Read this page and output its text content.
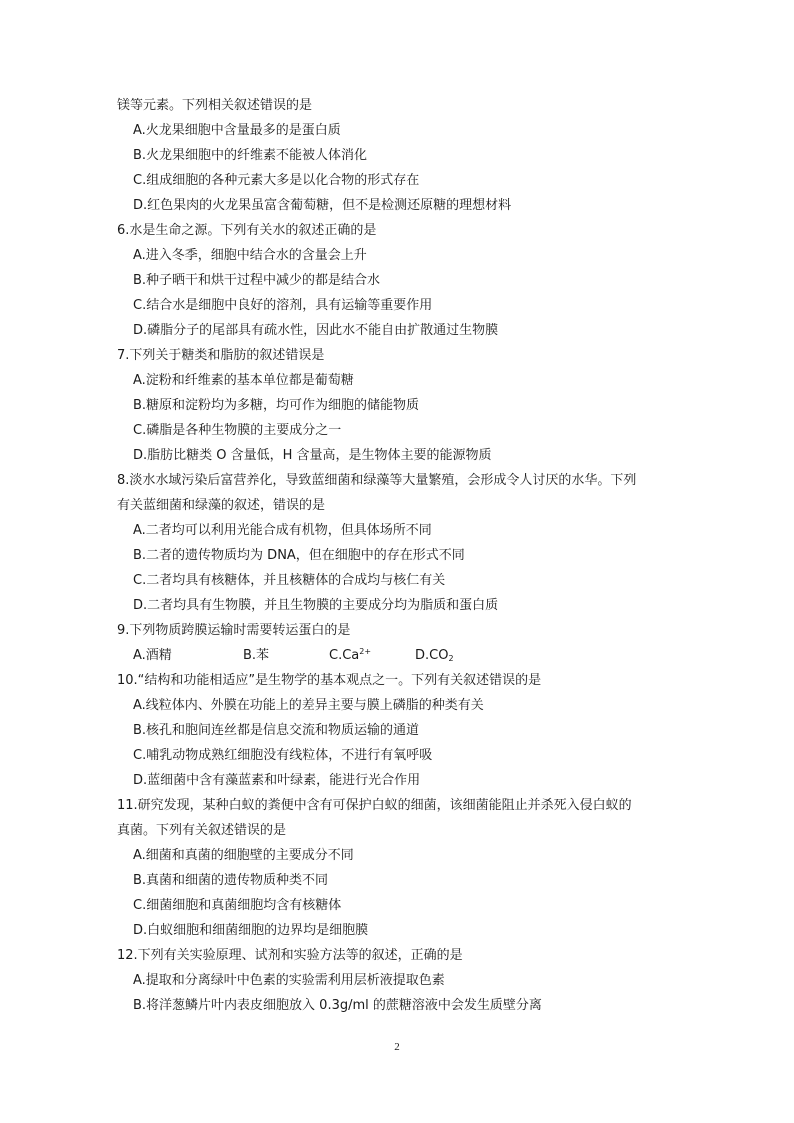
镁等元素。下列相关叙述错误的是
A.火龙果细胞中含量最多的是蛋白质
B.火龙果细胞中的纤维素不能被人体消化
C.组成细胞的各种元素大多是以化合物的形式存在
D.红色果肉的火龙果虽富含葡萄糖，但不是检测还原糖的理想材料
6.水是生命之源。下列有关水的叙述正确的是
A.进入冬季，细胞中结合水的含量会上升
B.种子晒干和烘干过程中减少的都是结合水
C.结合水是细胞中良好的溶剂，具有运输等重要作用
D.磷脂分子的尾部具有疏水性，因此水不能自由扩散通过生物膜
7.下列关于糖类和脂肪的叙述错误是
A.淀粉和纤维素的基本单位都是葡萄糖
B.糖原和淀粉均为多糖，均可作为细胞的储能物质
C.磷脂是各种生物膜的主要成分之一
D.脂肪比糖类 O 含量低，H 含量高，是生物体主要的能源物质
8.淡水水域污染后富营养化，导致蓝细菌和绿藻等大量繁殖，会形成令人讨厌的水华。下列
有关蓝细菌和绿藻的叙述，错误的是
A.二者均可以利用光能合成有机物，但具体场所不同
B.二者的遗传物质均为 DNA，但在细胞中的存在形式不同
C.二者均具有核糖体，并且核糖体的合成均与核仁有关
D.二者均具有生物膜，并且生物膜的主要成分均为脂质和蛋白质
9.下列物质跨膜运输时需要转运蛋白的是
A.酒精	B.苯	$C.Ca^{2+}$	$D.CO_2$
10.“结构和功能相适应”是生物学的基本观点之一。下列有关叙述错误的是
A.线粒体内、外膜在功能上的差异主要与膜上磷脂的种类有关
B.核孔和胞间连丝都是信息交流和物质运输的通道
C.哺乳动物成熟红细胞没有线粒体，不进行有氧呼吸
D.蓝细菌中含有藻蓝素和叶绿素，能进行光合作用
11.研究发现，某种白蚁的粪便中含有可保护白蚁的细菌，该细菌能阻止并杀死入侵白蚁的
真菌。下列有关叙述错误的是
A.细菌和真菌的细胞壁的主要成分不同
B.真菌和细菌的遗传物质种类不同
C.细菌细胞和真菌细胞均含有核糖体
D.白蚁细胞和细菌细胞的边界均是细胞膜
12.下列有关实验原理、试剂和实验方法等的叙述，正确的是
A.提取和分离绿叶中色素的实验需利用层析液提取色素
B.将洋葱鳞片叶内表皮细胞放入 0.3g/ml 的蔗糖溶液中会发生质壁分离
2
